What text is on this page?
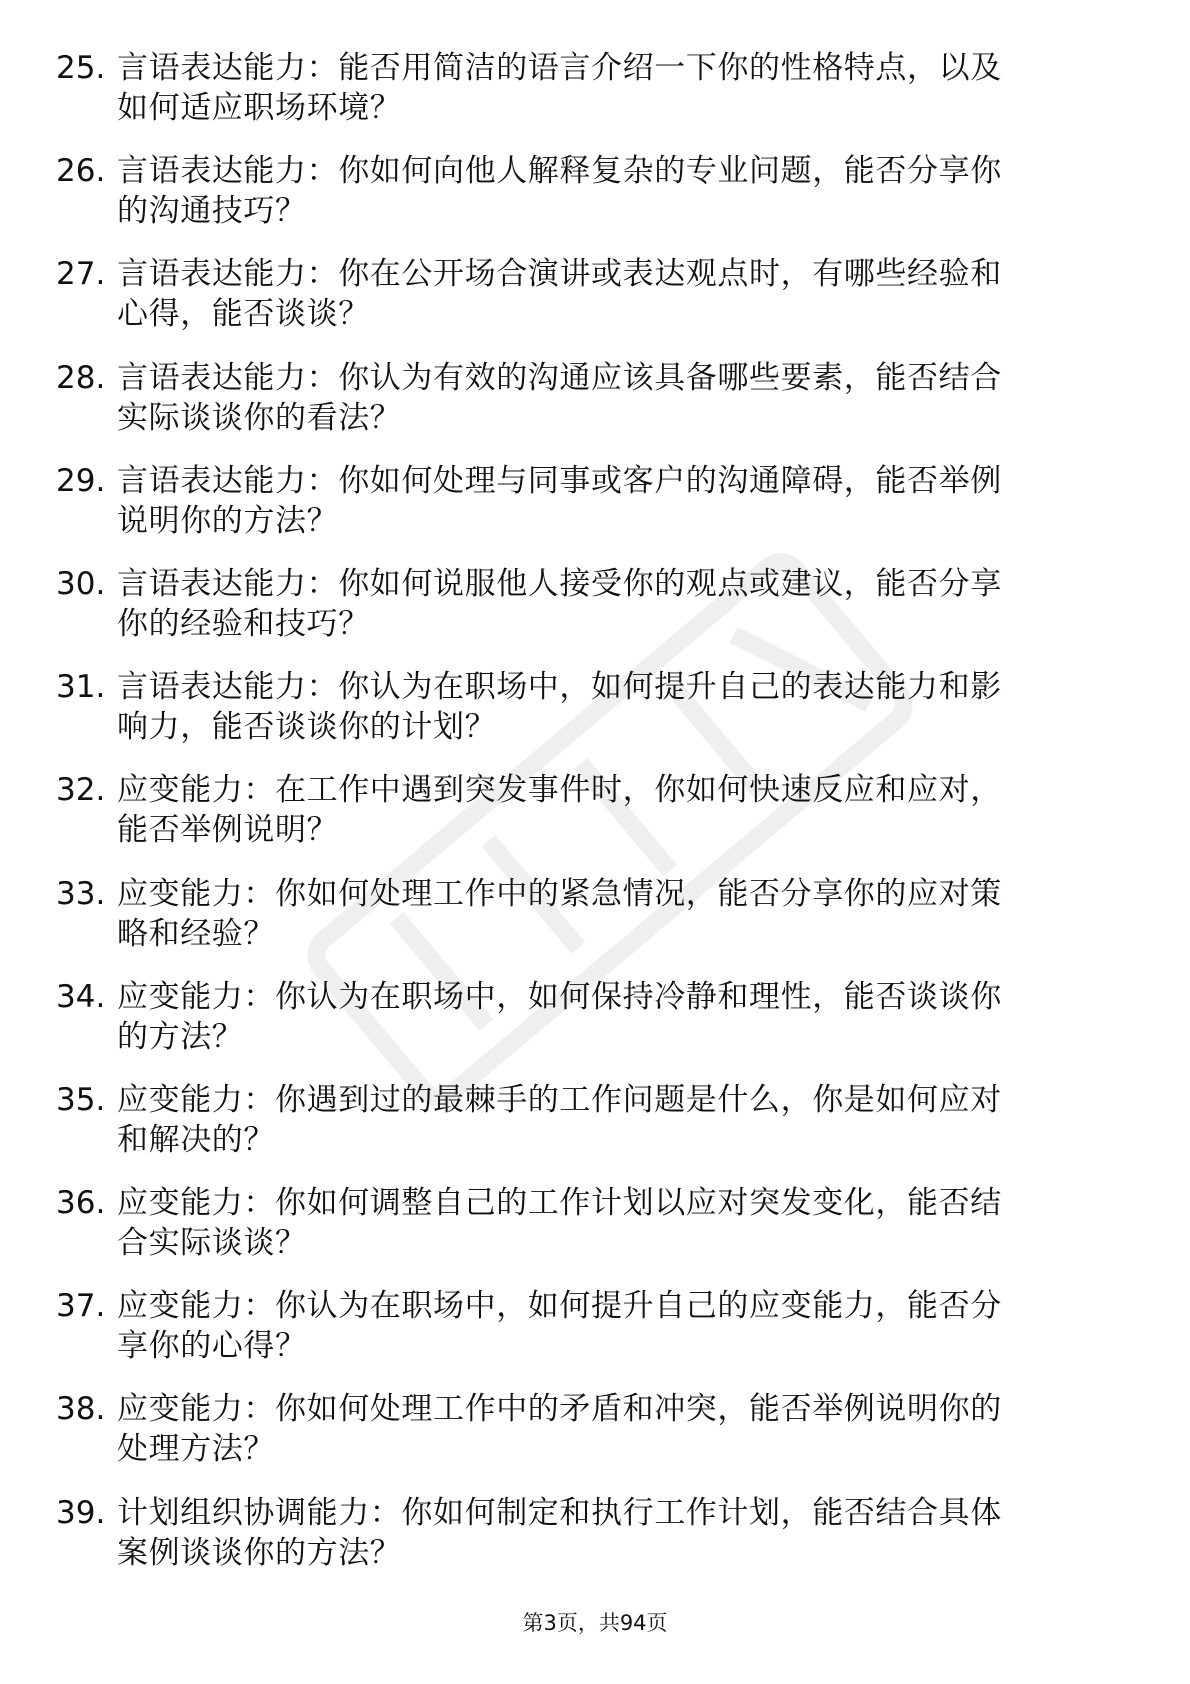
25. 言语表达能力：能否用简洁的语言介绍一下你的性格特点，以及如何适应职场环境？
26. 言语表达能力：你如何向他人解释复杂的专业问题，能否分享你的沟通技巧？
27. 言语表达能力：你在公开场合演讲或表达观点时，有哪些经验和心得，能否谈谈？
28. 言语表达能力：你认为有效的沟通应该具备哪些要素，能否结合实际谈谈你的看法？
29. 言语表达能力：你如何处理与同事或客户的沟通障碍，能否举例说明你的方法？
30. 言语表达能力：你如何说服他人接受你的观点或建议，能否分享你的经验和技巧？
31. 言语表达能力：你认为在职场中，如何提升自己的表达能力和影响力，能否谈谈你的计划？
32. 应变能力：在工作中遇到突发事件时，你如何快速反应和应对，能否举例说明？
33. 应变能力：你如何处理工作中的紧急情况，能否分享你的应对策略和经验？
34. 应变能力：你认为在职场中，如何保持冷静和理性，能否谈谈你的方法？
35. 应变能力：你遇到过的最棘手的工作问题是什么，你是如何应对和解决的？
36. 应变能力：你如何调整自己的工作计划以应对突发变化，能否结合实际谈谈？
37. 应变能力：你认为在职场中，如何提升自己的应变能力，能否分享你的心得？
38. 应变能力：你如何处理工作中的矛盾和冲突，能否举例说明你的处理方法？
39. 计划组织协调能力：你如何制定和执行工作计划，能否结合具体案例谈谈你的方法？
第3页，共94页
